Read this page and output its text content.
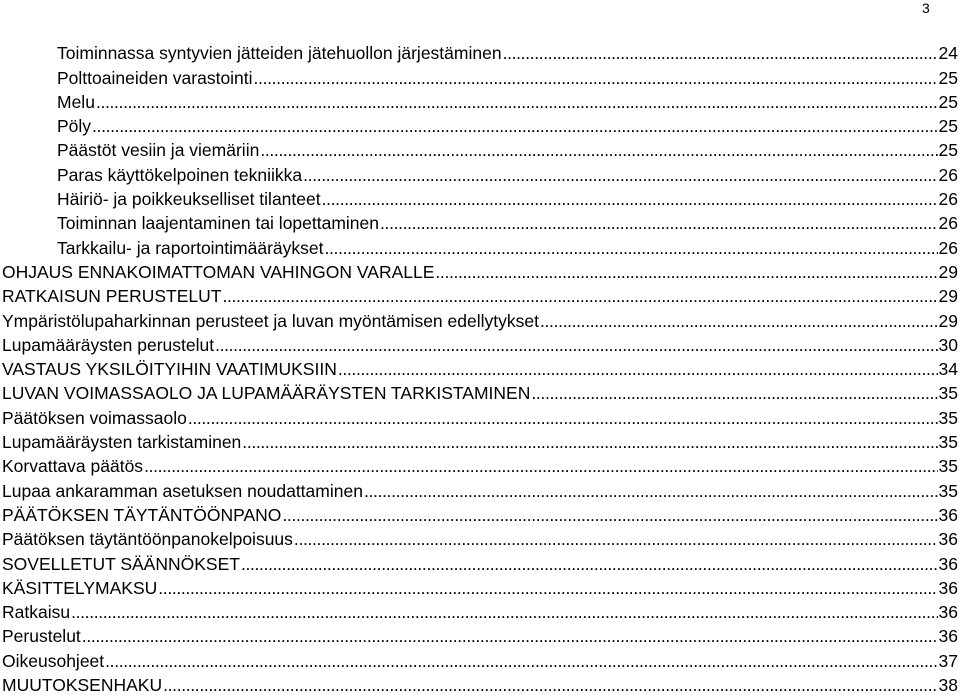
3
Toiminnassa syntyvien jätteiden jätehuollon järjestäminen . . .	24
Polttoaineiden varastointi . . .	25
Melu . . .	25
Pöly . . .	25
Päästöt vesiin ja viemäriin . . .	25
Paras käyttökelpoinen tekniikka . . .	26
Häiriö- ja poikkeukselliset tilanteet . . .	26
Toiminnan laajentaminen tai lopettaminen . . .	26
Tarkkailu- ja raportointimääräykset . . .	26
OHJAUS ENNAKOIMATTOMAN VAHINGON VARALLE . . .	29
RATKAISUN PERUSTELUT . . .	29
Ympäristölupaharkinnan perusteet ja luvan myöntämisen edellytykset . . .	29
Lupamääräysten perustelut . . .	30
VASTAUS YKSILÖITYIHIN VAATIMUKSIIN . . .	34
LUVAN VOIMASSAOLO JA LUPAMÄÄRÄYSTEN TARKISTAMINEN . . .	35
Päätöksen voimassaolo . . .	35
Lupamääräysten tarkistaminen . . .	35
Korvattava päätös . . .	35
Lupaa ankaramman asetuksen noudattaminen . . .	35
PÄÄTÖKSEN TÄYTÄNTÖÖNPANO . . .	36
Päätöksen täytäntöönpanokelpoisuus . . .	36
SOVELLETUT SÄÄNNÖKSET . . .	36
KÄSITTELYMAKSU . . .	36
Ratkaisu . . .	36
Perustelut . . .	36
Oikeusohjeet . . .	37
MUUTOKSENHAKU . . .	38
